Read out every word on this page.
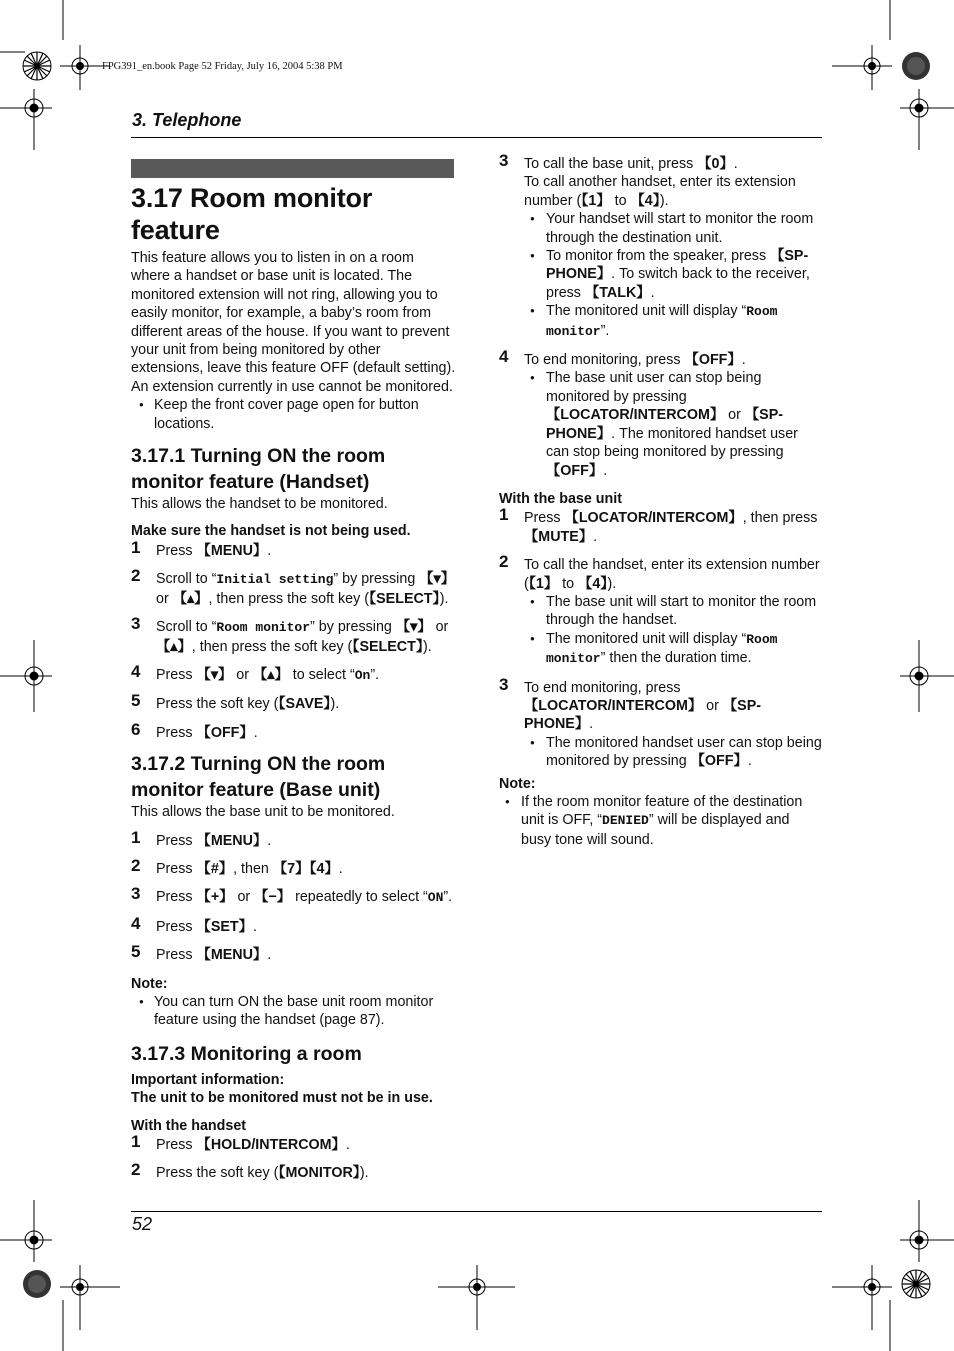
FPG391_en.book Page 52 Friday, July 16, 2004 5:38 PM
3. Telephone
52
3.17 Room monitor feature

This feature allows you to listen in on a room where a handset or base unit is located. The monitored extension will not ring, allowing you to easily monitor, for example, a baby’s room from different areas of the house. If you want to prevent your unit from being monitored by other extensions, leave this feature OFF (default setting). An extension currently in use cannot be monitored.

● Keep the front cover page open for button locations.

3.17.1 Turning ON the room monitor feature (Handset)

This allows the handset to be monitored.

Make sure the handset is not being used.

1 Press 【MENU】.

2 Scroll to “Initial setting” by pressing 【▾】 or 【▴】, then press the soft key (【SELECT】).

3 Scroll to “Room monitor” by pressing 【▾】 or 【▴】, then press the soft key (【SELECT】).

4 Press 【▾】 or 【▴】 to select “On”.

5 Press the soft key (【SAVE】).

6 Press 【OFF】.

3.17.2 Turning ON the room monitor feature (Base unit)

This allows the base unit to be monitored.

1 Press 【MENU】.

2 Press 【#】, then 【7】【4】.

3 Press 【+】 or 【−】 repeatedly to select “ON”.

4 Press 【SET】.

5 Press 【MENU】.

Note:

● You can turn ON the base unit room monitor feature using the handset (page 87).

3.17.3 Monitoring a room

Important information:

The unit to be monitored must not be in use.

With the handset

1 Press 【HOLD/INTERCOM】.

2 Press the soft key (【MONITOR】).

3 To call the base unit, press 【0】.
To call another handset, enter its extension number (【1】 to 【4】).

● Your handset will start to monitor the room through the destination unit.

● To monitor from the speaker, press 【SP-PHONE】. To switch back to the receiver, press 【TALK】.

● The monitored unit will display “Room monitor”.

4 To end monitoring, press 【OFF】.

● The base unit user can stop being monitored by pressing 【LOCATOR/INTERCOM】 or 【SP-PHONE】. The monitored handset user can stop being monitored by pressing 【OFF】.

With the base unit

1 Press 【LOCATOR/INTERCOM】, then press 【MUTE】.

2 To call the handset, enter its extension number (【1】 to 【4】).

● The base unit will start to monitor the room through the handset.

● The monitored unit will display “Room monitor” then the duration time.

3 To end monitoring, press 【LOCATOR/INTERCOM】 or 【SP-PHONE】.

● The monitored handset user can stop being monitored by pressing 【OFF】.

Note:

● If the room monitor feature of the destination unit is OFF, “DENIED” will be displayed and busy tone will sound.
